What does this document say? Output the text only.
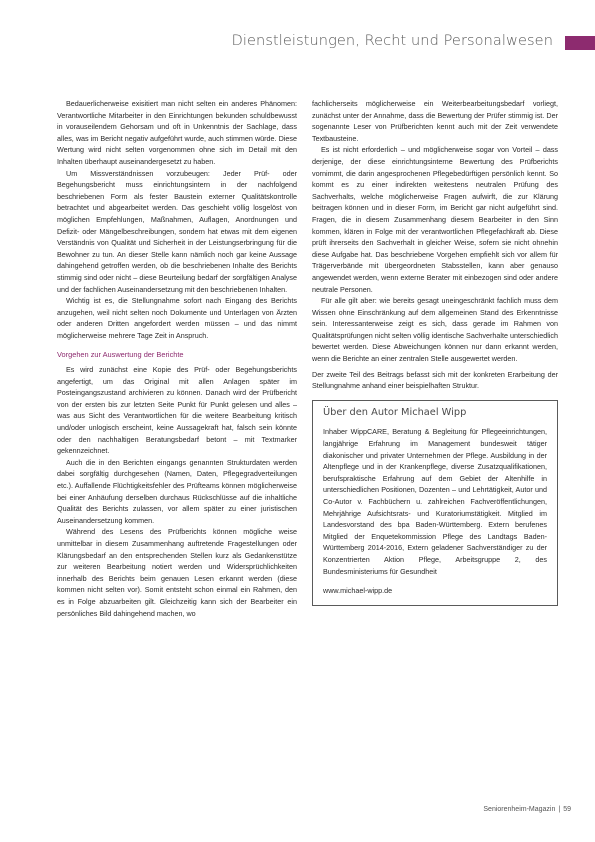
Dienstleistungen, Recht und Personalwesen

Bedauerlicherweise exisitiert man nicht selten ein anderes Phänomen: Verantwortliche Mitarbeiter in den Einrichtungen bekunden schuldbewusst in vorauseilendem Gehorsam und oft in Unkenntnis der Sachlage, dass alles, was im Bericht negativ aufgeführt wurde, auch stimmen würde. Diese Wertung wird nicht selten vorgenommen ohne sich im Detail mit den Inhalten überhaupt auseinandergesetzt zu haben.

Um Missverständnissen vorzubeugen: Jeder Prüf- oder Begehungsbericht muss einrichtungsintern in der nachfolgend beschriebenen Form als fester Baustein externer Qualitätskontrolle betrachtet und abgearbeitet werden. Das geschieht völlig losgelöst von möglichen Empfehlungen, Maßnahmen, Auflagen, Anordnungen und Defizit- oder Mängelbeschreibungen, sondern hat etwas mit dem eigenen Verständnis von Qualität und Sicherheit in der Leistungserbringung für die Bewohner zu tun. An dieser Stelle kann nämlich noch gar keine Aussage dahingehend getroffen werden, ob die beschriebenen Inhalte des Berichts stimmig sind oder nicht – diese Beurteilung bedarf der sorgfältigen Analyse und der fachlichen Auseinandersetzung mit den beschriebenen Inhalten.

Wichtig ist es, die Stellungnahme sofort nach Eingang des Berichts anzugehen, weil nicht selten noch Dokumente und Unterlagen von Ärzten oder anderen Dritten angefordert werden müssen – und das nimmt möglicherweise mehrere Tage Zeit in Anspruch.

Vorgehen zur Auswertung der Berichte

Es wird zunächst eine Kopie des Prüf- oder Begehungsberichts angefertigt, um das Original mit allen Anlagen später im Posteingangszustand archivieren zu können. Danach wird der Prüfbericht von der ersten bis zur letzten Seite Punkt für Punkt gelesen und alles – was aus Sicht des Verantwortlichen für die weitere Bearbeitung kritisch und/oder unlogisch erscheint, keine Aussagekraft hat, falsch sein könnte oder den nachhaltigen Beratungsbedarf betont – mit Textmarker gekennzeichnet.

Auch die in den Berichten eingangs genannten Strukturdaten werden dabei sorgfältig durchgesehen (Namen, Daten, Pflegegradverteilungen etc.). Auffallende Flüchtigkeitsfehler des Prüfteams können möglicherweise bei einer Anhäufung derselben durchaus Rückschlüsse auf die inhaltliche Qualität des Berichts zulassen, vor allem später zu einer juristischen Auseinandersetzung kommen.

Während des Lesens des Prüfberichts können mögliche weise unmittelbar in diesem Zusammenhang auftretende Fragestellungen oder Klärungsbedarf an den entsprechenden Stellen kurz als Gedankenstütze zur weiteren Bearbeitung notiert werden und Widersprüchlichkeiten innerhalb des Berichts beim genauen Lesen erkannt werden (diese kommen nicht selten vor). Somit entsteht schon einmal ein Rahmen, den es in Folge abzuarbeiten gilt. Gleichzeitig kann sich der Bearbeiter ein persönliches Bild dahingehend machen, wo

fachlicherseits möglicherweise ein Weiterbearbeitungsbedarf vorliegt, zunächst unter der Annahme, dass die Bewertung der Prüfer stimmig ist. Der sogenannte Leser von Prüfberichten kennt auch mit der Zeit verwendete Textbausteine.

Es ist nicht erforderlich – und möglicherweise sogar von Vorteil – dass derjenige, der diese einrichtungsinterne Bewertung des Prüfberichts vornimmt, die darin angesprochenen Pflegebedürftigen persönlich kennt. So kommt es zu einer indirekten weitestens neutralen Prüfung des Sachverhalts, welche möglicherweise Fragen aufwirft, die zur Klärung beitragen können und in dieser Form, im Bericht gar nicht aufgeführt sind. Fragen, die in diesem Zusammenhang diesem Bearbeiter in den Sinn kommen, klären in Folge mit der verantwortlichen Pflegefachkraft ab. Diese prüft ihrerseits den Sachverhalt in gleicher Weise, sofern sie nicht ohnehin diese Aufgabe hat. Das beschriebene Vorgehen empfiehlt sich vor allem für Trägerverbände mit übergeordneten Stabsstellen, kann aber genauso angewendet werden, wenn externe Berater mit einbezogen sind oder andere neutrale Personen.

Für alle gilt aber: wie bereits gesagt uneingeschränkt fachlich muss dem Wissen ohne Einschränkung auf dem allgemeinen Stand des Erkenntnisse sein. Interessanterweise zeigt es sich, dass gerade im Rahmen von Qualitätsprüfungen nicht selten völlig identische Sachverhalte unterschiedlich bewertet werden. Diese Abweichungen können nur dann erkannt werden, wenn die Berichte an einer zentralen Stelle ausgewertet werden.

Der zweite Teil des Beitrags befasst sich mit der konkreten Erarbeitung der Stellungnahme anhand einer beispielhaften Struktur.

Über den Autor Michael Wipp

Inhaber WippCARE, Beratung & Begleitung für Pflegeeinrichtungen, langjährige Erfahrung im Management bundesweit tätiger diakonischer und privater Unternehmen der Pflege. Ausbildung in der Altenpflege und in der Krankenpflege, diverse Zusatzqualifikationen, berufspraktische Erfahrung auf dem Gebiet der Altenhilfe in unterschiedlichen Positionen, Dozenten – und Lehrtätigkeit, Autor und Co-Autor v. Fachbüchern u. zahlreichen Fachveröffentlichungen, Mehrjährige Aufsichtsrats- und Kuratoriumstätigkeit. Mitglied im Landesvorstand des bpa Baden-Württemberg. Extern berufenes Mitglied der Enquetekommission Pflege des Landtags Baden-Württemberg 2014-2016, Extern geladener Sachverständiger zu der Konzentrierten Aktion Pflege, Arbeitsgruppe 2, des Bundesministeriums für Gesundheit

www.michael-wipp.de
Seniorenheim-Magazin | 59
